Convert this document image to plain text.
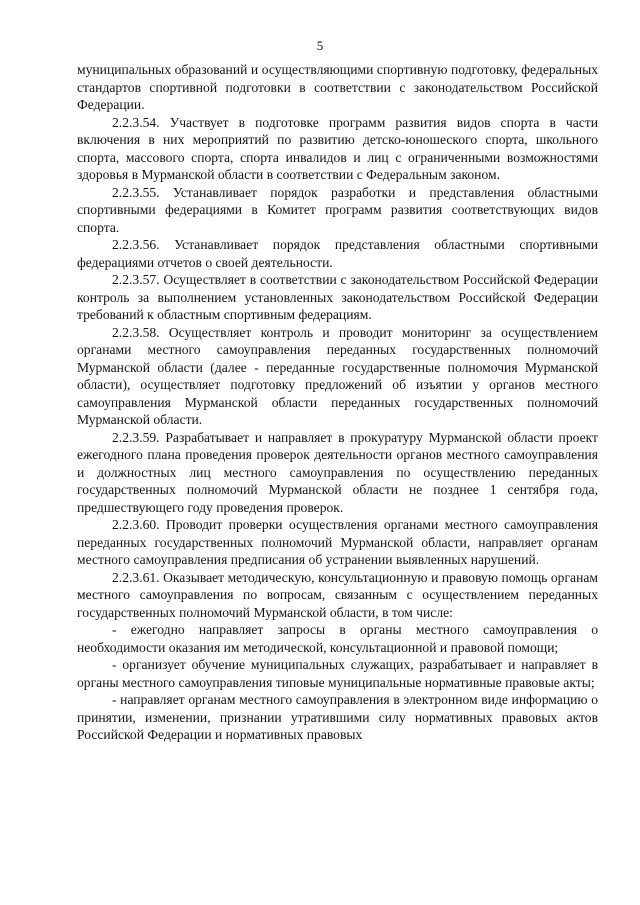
5

муниципальных образований и осуществляющими спортивную подготовку, федеральных стандартов спортивной подготовки в соответствии с законодательством Российской Федерации.

2.2.3.54. Участвует в подготовке программ развития видов спорта в части включения в них мероприятий по развитию детско-юношеского спорта, школьного спорта, массового спорта, спорта инвалидов и лиц с ограниченными возможностями здоровья в Мурманской области в соответствии с Федеральным законом.

2.2.3.55. Устанавливает порядок разработки и представления областными спортивными федерациями в Комитет программ развития соответствующих видов спорта.

2.2.3.56. Устанавливает порядок представления областными спортивными федерациями отчетов о своей деятельности.

2.2.3.57. Осуществляет в соответствии с законодательством Российской Федерации контроль за выполнением установленных законодательством Российской Федерации требований к областным спортивным федерациям.

2.2.3.58. Осуществляет контроль и проводит мониторинг за осуществлением органами местного самоуправления переданных государственных полномочий Мурманской области (далее - переданные государственные полномочия Мурманской области), осуществляет подготовку предложений об изъятии у органов местного самоуправления Мурманской области переданных государственных полномочий Мурманской области.

2.2.3.59. Разрабатывает и направляет в прокуратуру Мурманской области проект ежегодного плана проведения проверок деятельности органов местного самоуправления и должностных лиц местного самоуправления по осуществлению переданных государственных полномочий Мурманской области не позднее 1 сентября года, предшествующего году проведения проверок.

2.2.3.60. Проводит проверки осуществления органами местного самоуправления переданных государственных полномочий Мурманской области, направляет органам местного самоуправления предписания об устранении выявленных нарушений.

2.2.3.61. Оказывает методическую, консультационную и правовую помощь органам местного самоуправления по вопросам, связанным с осуществлением переданных государственных полномочий Мурманской области, в том числе:

- ежегодно направляет запросы в органы местного самоуправления о необходимости оказания им методической, консультационной и правовой помощи;

- организует обучение муниципальных служащих, разрабатывает и направляет в органы местного самоуправления типовые муниципальные нормативные правовые акты;

- направляет органам местного самоуправления в электронном виде информацию о принятии, изменении, признании утратившими силу нормативных правовых актов Российской Федерации и нормативных правовых
